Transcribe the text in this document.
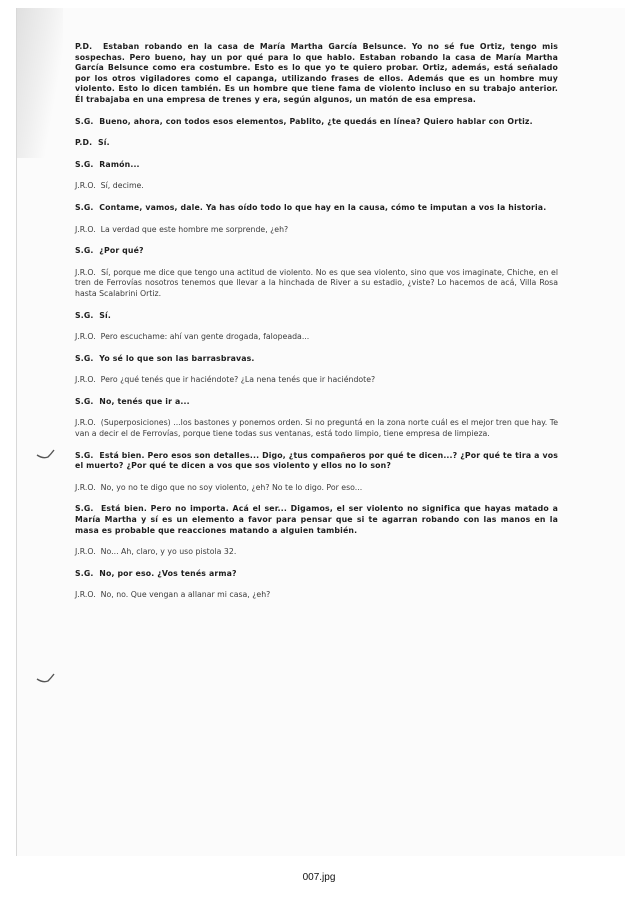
P.D. Estaban robando en la casa de María Martha García Belsunce. Yo no sé fue Ortiz, tengo mis sospechas. Pero bueno, hay un por qué para lo que hablo. Estaban robando la casa de María Martha García Belsunce como era costumbre. Esto es lo que yo te quiero probar. Ortiz, además, está señalado por los otros vigiladores como el capanga, utilizando frases de ellos. Además que es un hombre muy violento. Esto lo dicen también. Es un hombre que tiene fama de violento incluso en su trabajo anterior. Él trabajaba en una empresa de trenes y era, según algunos, un matón de esa empresa.

S.G. Bueno, ahora, con todos esos elementos, Pablito, ¿te quedás en línea? Quiero hablar con Ortiz.

P.D. Sí.

S.G. Ramón...

J.R.O. Sí, decime.

S.G. Contame, vamos, dale. Ya has oído todo lo que hay en la causa, cómo te imputan a vos la historia.

J.R.O. La verdad que este hombre me sorprende, ¿eh?

S.G. ¿Por qué?

J.R.O. Sí, porque me dice que tengo una actitud de violento. No es que sea violento, sino que vos imaginate, Chiche, en el tren de Ferrovías nosotros tenemos que llevar a la hinchada de River a su estadio, ¿viste? Lo hacemos de acá, Villa Rosa hasta Scalabrini Ortiz.

S.G. Sí.

J.R.O. Pero escuchame: ahí van gente drogada, falopeada...

S.G. Yo sé lo que son las barrasbravas.

J.R.O. Pero ¿qué tenés que ir haciéndote? ¿La nena tenés que ir haciéndote?

S.G. No, tenés que ir a...

J.R.O. (Superposiciones) ...los bastones y ponemos orden. Si no preguntá en la zona norte cuál es el mejor tren que hay. Te van a decir el de Ferrovías, porque tiene todas sus ventanas, está todo limpio, tiene empresa de limpieza.

S.G. Está bien. Pero esos son detalles... Digo, ¿tus compañeros por qué te dicen...? ¿Por qué te tira a vos el muerto? ¿Por qué te dicen a vos que sos violento y ellos no lo son?

J.R.O. No, yo no te digo que no soy violento, ¿eh? No te lo digo. Por eso...

S.G. Está bien. Pero no importa. Acá el ser... Digamos, el ser violento no significa que hayas matado a María Martha y sí es un elemento a favor para pensar que si te agarran robando con las manos en la masa es probable que reacciones matando a alguien también.

J.R.O. No... Ah, claro, y yo uso pistola 32.

S.G. No, por eso. ¿Vos tenés arma?

J.R.O. No, no. Que vengan a allanar mi casa, ¿eh?

007.jpg
